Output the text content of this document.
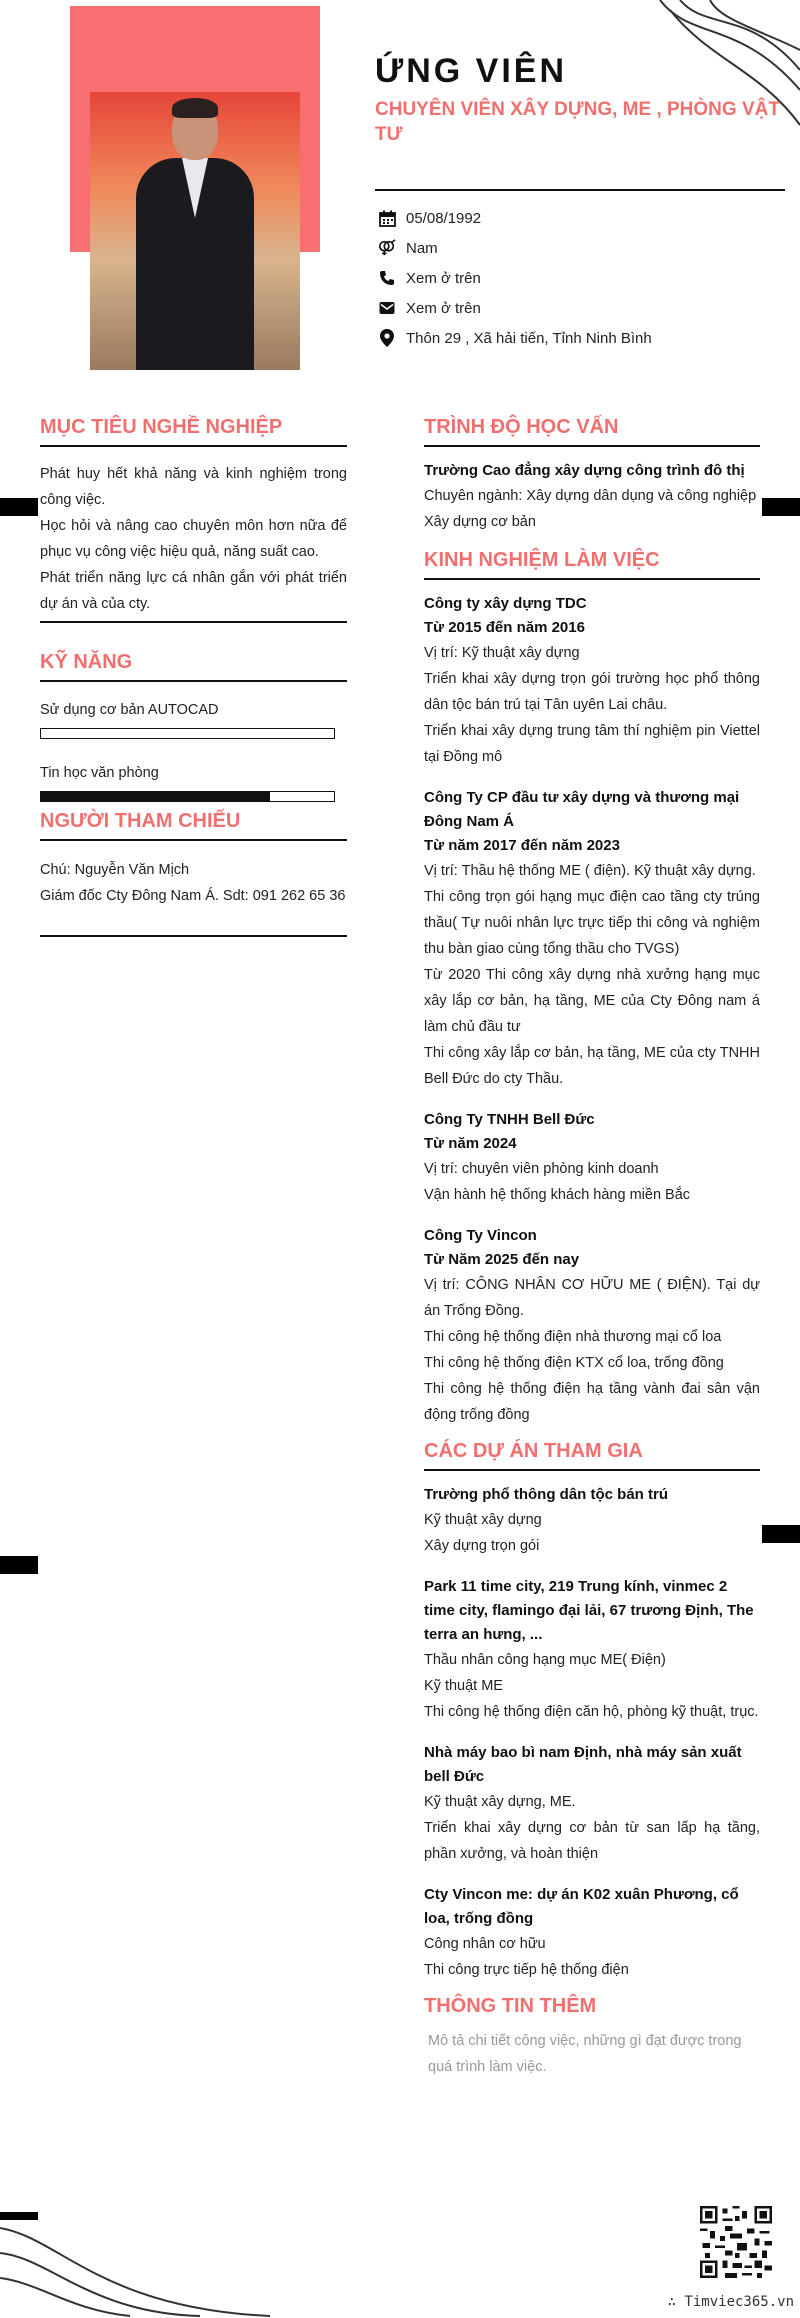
ỨNG VIÊN
CHUYÊN VIÊN XÂY DỰNG, ME , PHÒNG VẬT TƯ
05/08/1992
Nam
Xem ở trên
Xem ở trên
Thôn 29 , Xã hải tiến, Tỉnh Ninh Bình
MỤC TIÊU NGHỀ NGHIỆP
Phát huy hết khả năng và kinh nghiệm trong công việc.
Học hỏi và nâng cao chuyên môn hơn nữa để phục vụ công việc hiệu quả, năng suất cao.
Phát triển năng lực cá nhân gắn với phát triển dự án và của cty.
KỸ NĂNG
Sử dụng cơ bản AUTOCAD
Tin học văn phòng
NGƯỜI THAM CHIẾU
Chú: Nguyễn Văn Mịch
Giám đốc Cty Đông Nam Á. Sdt: 091 262 65 36
TRÌNH ĐỘ HỌC VẤN
Trường Cao đẳng xây dựng công trình đô thị
Chuyên ngành: Xây dựng dân dụng và công nghiệp
Xây dựng cơ bản
KINH NGHIỆM LÀM VIỆC
Công ty xây dựng TDC
Từ 2015 đến năm 2016
Vị trí: Kỹ thuật xây dựng
Triển khai xây dựng trọn gói trường học phổ thông dân tộc bán trú tại Tân uyên Lai châu.
Triển khai xây dựng trung tâm thí nghiệm pin Viettel tại Đồng mô
Công Ty CP đầu tư xây dựng và thương mại Đông Nam Á
Từ năm 2017 đến năm 2023
Vị trí: Thầu hệ thống ME ( điện). Kỹ thuật xây dựng.
Thi công trọn gói hạng mục điện cao tầng cty trúng thầu( Tự nuôi nhân lực trực tiếp thi công và nghiệm thu bàn giao cùng tổng thầu cho TVGS)
Từ 2020 Thi công xây dựng nhà xưởng hạng mục xây lắp cơ bản, hạ tầng, ME của Cty Đông nam á làm chủ đầu tư
Thi công xây lắp cơ bản, hạ tầng, ME của cty TNHH Bell Đức do cty Thầu.
Công Ty TNHH Bell Đức
Từ năm 2024
Vị trí: chuyên viên phòng kinh doanh
Vận hành hệ thống khách hàng miền Bắc
Công Ty Vincon
Từ Năm 2025 đến nay
Vị trí: CÔNG NHÂN CƠ HỮU ME ( ĐIỆN). Tại dự án Trống Đồng.
Thi công hệ thống điện nhà thương mại cổ loa
Thi công hệ thống điện KTX cổ loa, trống đồng
Thi công hệ thống điện hạ tầng vành đai sân vận động trống đồng
CÁC DỰ ÁN THAM GIA
Trường phổ thông dân tộc bán trú
Kỹ thuật xây dựng
Xây dựng trọn gói
Park 11 time city, 219 Trung kính, vinmec 2 time city, flamingo đại lải, 67 trương Định, The terra an hưng, ...
Thầu nhân công hạng mục ME( Điện)
Kỹ thuật ME
Thi công hệ thống điện căn hộ, phòng kỹ thuật, trục.
Nhà máy bao bì nam Định, nhà máy sản xuất bell Đức
Kỹ thuật xây dựng, ME.
Triển khai xây dựng cơ bản từ san lấp hạ tầng, phần xưởng, và hoàn thiện
Cty Vincon me: dự án K02 xuân Phương, cổ loa, trống đồng
Công nhân cơ hữu
Thi công trực tiếp hệ thống điện
THÔNG TIN THÊM
Mô tả chi tiết công việc, những gì đạt được trong quá trình làm việc.
∴ Timviec365.vn
